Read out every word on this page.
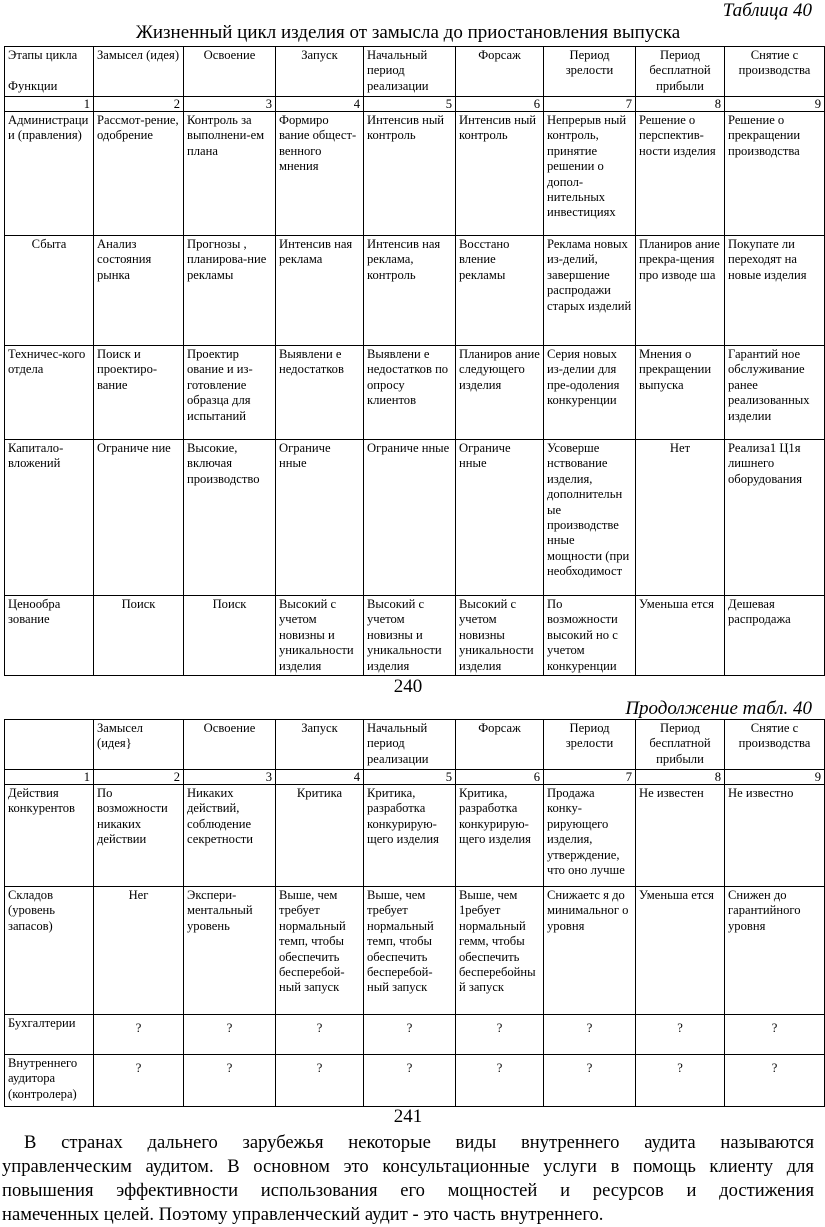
Таблица 40
Жизненный цикл изделия от замысла до приостановления выпуска
Этапы цикла
Функции	Замысел (идея)	Освоение	Запуск	Начальный период реализации	Форсаж	Период зрелости	Период бесплатной прибыли	Снятие с производства
1	2	3	4	5	6	7	8	9
Администрации (правления)	Рассмот-рение, одобрение	Контроль за выполнени-ем плана	Формиро вание общест-венного мнения	Интенсив ный контроль	Интенсив ный контроль	Непрерыв ный контроль, принятие решении о допол-нительных инвестициях	Решение о перспектив-ности изделия	Решение о прекращении производства
Сбыта	Анализ состояния рынка	Прогнозы , планирова-ние рекламы	Интенсив ная реклама	Интенсив ная реклама, контроль	Восстано вление рекламы	Реклама новых из-делий, завершение распродажи старых изделий	Планиров ание прекра-щения про изводе ша	Покупате ли переходят на новые изделия
Техничес-кого отдела	Поиск и проектиро-вание	Проектир ование и из-готовление образца для испытаний	Выявлени е недостатков	Выявлени е недостатков по опросу клиентов	Планиров ание следующего изделия	Серия новых из-делии для пре-одоления конкуренции	Мнения о прекращении выпуска	Гарантий ное обслуживание ранее реализованных изделии
Капитало-вложений	Ограниче ние	Высокие, включая производство	Ограниче нные	Ограниче нные	Ограниче нные	Усоверше нствование изделия, дополнительн ые производстве нные мощности (при необходимост	Нет	Реализа1 Ц1я лишнего оборудования
Ценообра зование	Поиск	Поиск	Высокий с учетом новизны и уникальности изделия	Высокий с учетом новизны и уникальности изделия	Высокий с учетом новизны уникальности изделия	По возможности высокий но с учетом конкуренции	Уменьша ется	Дешевая распродажа
240
Продолжение табл. 40
	Замысел (идея}	Освоение	Запуск	Начальный период реализации	Форсаж	Период зрелости	Период бесплатной прибыли	Снятие с производства
1	2	3	4	5	6	7	8	9
Действия конкурентов	По возможности никаких действии	Никаких действий, соблюдение секретности	Критика	Критика, разработка конкурирую-щего изделия	Критика, разработка конкурирую-щего изделия	Продажа конку-рирующего изделия, утверждение, что оно лучше	Не известен	Не известно
Складов (уровень запасов)	Нег	Экспери-ментальный уровень	Выше, чем требует нормальный темп, чтобы обеспечить бесперебой-ный запуск	Выше, чем требует нормальный темп, чтобы обеспечить бесперебой-ный запуск	Выше, чем 1ребует нормальный гемм, чтобы обеспечить бесперебойны й запуск	Снижаетс я до минимальног о уровня	Уменьша ется	Снижен до гарантийного уровня
Бухгалтерии	?	?	?	?	?	?	?	?
Внутреннего аудитора (контролера)	?	?	?	?	?	?	?	?
241
В странах дальнего зарубежья некоторые виды внутреннего аудита называются
управленческим аудитом. В основном это консультационные услуги в помощь клиенту для
повышения эффективности использования его мощностей и ресурсов и достижения
намеченных целей. Поэтому управленческий аудит - это часть внутреннего.
